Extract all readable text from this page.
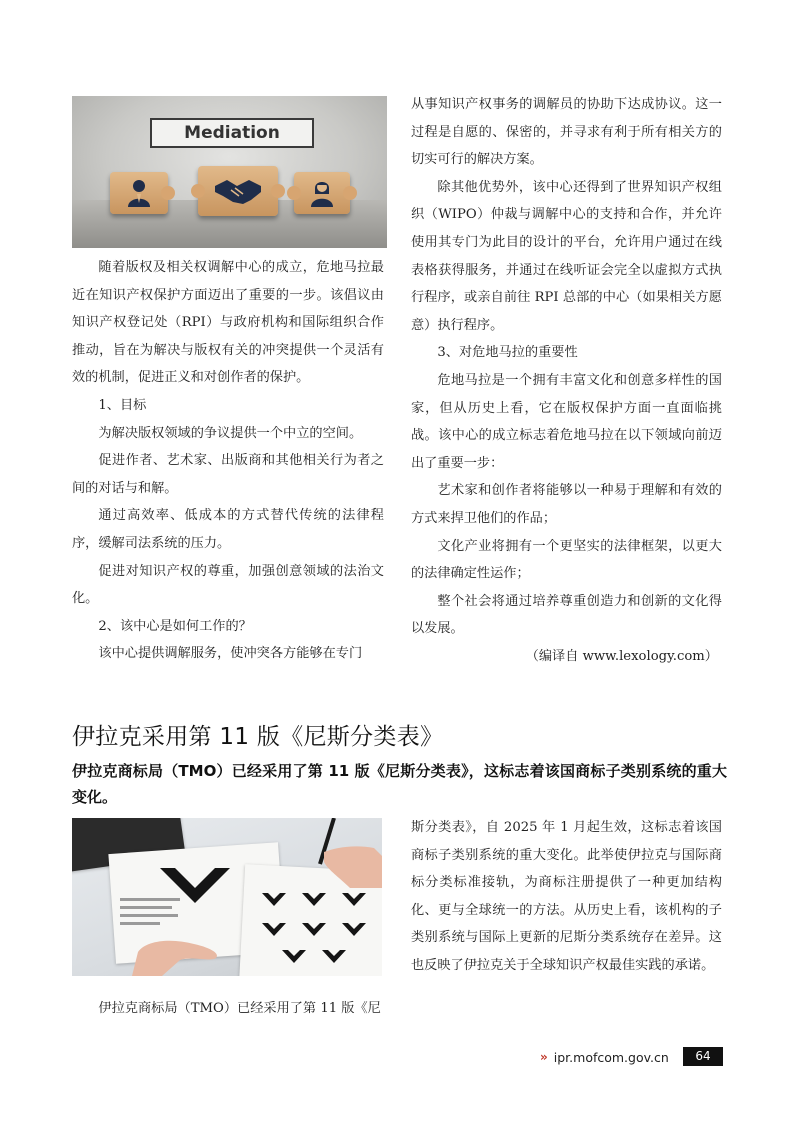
Mediation

随着版权及相关权调解中心的成立，危地马拉最近在知识产权保护方面迈出了重要的一步。该倡议由知识产权登记处（RPI）与政府机构和国际组织合作推动，旨在为解决与版权有关的冲突提供一个灵活有效的机制，促进正义和对创作者的保护。

1、目标

为解决版权领域的争议提供一个中立的空间。

促进作者、艺术家、出版商和其他相关行为者之间的对话与和解。

通过高效率、低成本的方式替代传统的法律程序，缓解司法系统的压力。

促进对知识产权的尊重，加强创意领域的法治文化。

2、该中心是如何工作的？

该中心提供调解服务，使冲突各方能够在专门

从事知识产权事务的调解员的协助下达成协议。这一过程是自愿的、保密的，并寻求有利于所有相关方的切实可行的解决方案。

除其他优势外，该中心还得到了世界知识产权组织（WIPO）仲裁与调解中心的支持和合作，并允许使用其专门为此目的设计的平台，允许用户通过在线表格获得服务，并通过在线听证会完全以虚拟方式执行程序，或亲自前往 RPI 总部的中心（如果相关方愿意）执行程序。

3、对危地马拉的重要性

危地马拉是一个拥有丰富文化和创意多样性的国家，但从历史上看，它在版权保护方面一直面临挑战。该中心的成立标志着危地马拉在以下领域向前迈出了重要一步：

艺术家和创作者将能够以一种易于理解和有效的方式来捍卫他们的作品；

文化产业将拥有一个更坚实的法律框架，以更大的法律确定性运作；

整个社会将通过培养尊重创造力和创新的文化得以发展。

（编译自 www.lexology.com）

伊拉克采用第 11 版《尼斯分类表》

伊拉克商标局（TMO）已经采用了第 11 版《尼斯分类表》，这标志着该国商标子类别系统的重大变化。

伊拉克商标局（TMO）已经采用了第 11 版《尼

斯分类表》，自 2025 年 1 月起生效，这标志着该国商标子类别系统的重大变化。此举使伊拉克与国际商标分类标准接轨，为商标注册提供了一种更加结构化、更与全球统一的方法。从历史上看，该机构的子类别系统与国际上更新的尼斯分类系统存在差异。这也反映了伊拉克关于全球知识产权最佳实践的承诺。

» ipr.mofcom.gov.cn	64
